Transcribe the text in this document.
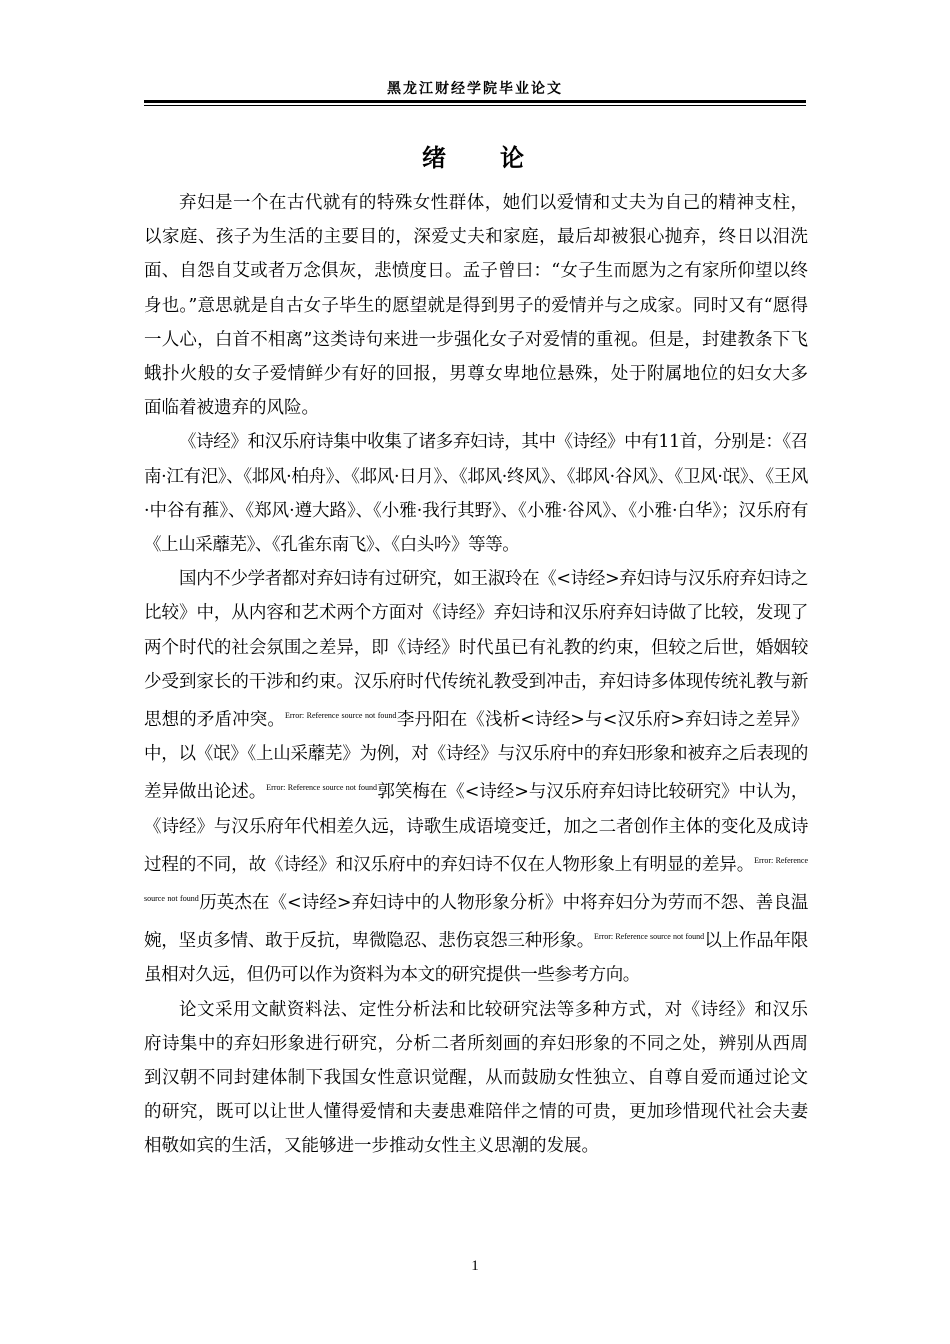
黑龙江财经学院毕业论文
绪 论

弃妇是一个在古代就有的特殊女性群体，她们以爱情和丈夫为自己的精神支柱，以家庭、孩子为生活的主要目的，深爱丈夫和家庭，最后却被狠心抛弃，终日以泪洗面、自怨自艾或者万念俱灰，悲愤度日。孟子曾曰：“女子生而愿为之有家所仰望以终身也。”意思就是自古女子毕生的愿望就是得到男子的爱情并与之成家。同时又有“愿得一人心，白首不相离”这类诗句来进一步强化女子对爱情的重视。但是，封建教条下飞蛾扑火般的女子爱情鲜少有好的回报，男尊女卑地位悬殊，处于附属地位的妇女大多面临着被遗弃的风险。

《诗经》和汉乐府诗集中收集了诸多弃妇诗，其中《诗经》中有11首，分别是：《召南·江有汜》、《邶风·柏舟》、《邶风·日月》、《邶风·终风》、《邶风·谷风》、《卫风·氓》、《王风·中谷有蓷》、《郑风·遵大路》、《小雅·我行其野》、《小雅·谷风》、《小雅·白华》；汉乐府有《上山采蘼芜》、《孔雀东南飞》、《白头吟》等等。

国内不少学者都对弃妇诗有过研究，如王淑玲在《<诗经>弃妇诗与汉乐府弃妇诗之比较》中，从内容和艺术两个方面对《诗经》弃妇诗和汉乐府弃妇诗做了比较，发现了两个时代的社会氛围之差异，即《诗经》时代虽已有礼教的约束，但较之后世，婚姻较少受到家长的干涉和约束。汉乐府时代传统礼教受到冲击，弃妇诗多体现传统礼教与新思想的矛盾冲突。$^{Error: Reference source not found}$李丹阳在《浅析<诗经>与<汉乐府>弃妇诗之差异》中，以《氓》《上山采蘼芜》为例，对《诗经》与汉乐府中的弃妇形象和被弃之后表现的差异做出论述。$^{Error: Reference source not found}$郭笑梅在《<诗经>与汉乐府弃妇诗比较研究》中认为，《诗经》与汉乐府年代相差久远，诗歌生成语境变迁，加之二者创作主体的变化及成诗过程的不同，故《诗经》和汉乐府中的弃妇诗不仅在人物形象上有明显的差异。$^{Error: Reference source not found}$历英杰在《<诗经>弃妇诗中的人物形象分析》中将弃妇分为劳而不怨、善良温婉，坚贞多情、敢于反抗，卑微隐忍、悲伤哀怨三种形象。$^{Error: Reference source not found}$以上作品年限虽相对久远，但仍可以作为资料为本文的研究提供一些参考方向。

论文采用文献资料法、定性分析法和比较研究法等多种方式，对《诗经》和汉乐府诗集中的弃妇形象进行研究，分析二者所刻画的弃妇形象的不同之处，辨别从西周到汉朝不同封建体制下我国女性意识觉醒，从而鼓励女性独立、自尊自爱而通过论文的研究，既可以让世人懂得爱情和夫妻患难陪伴之情的可贵，更加珍惜现代社会夫妻相敬如宾的生活，又能够进一步推动女性主义思潮的发展。

1
